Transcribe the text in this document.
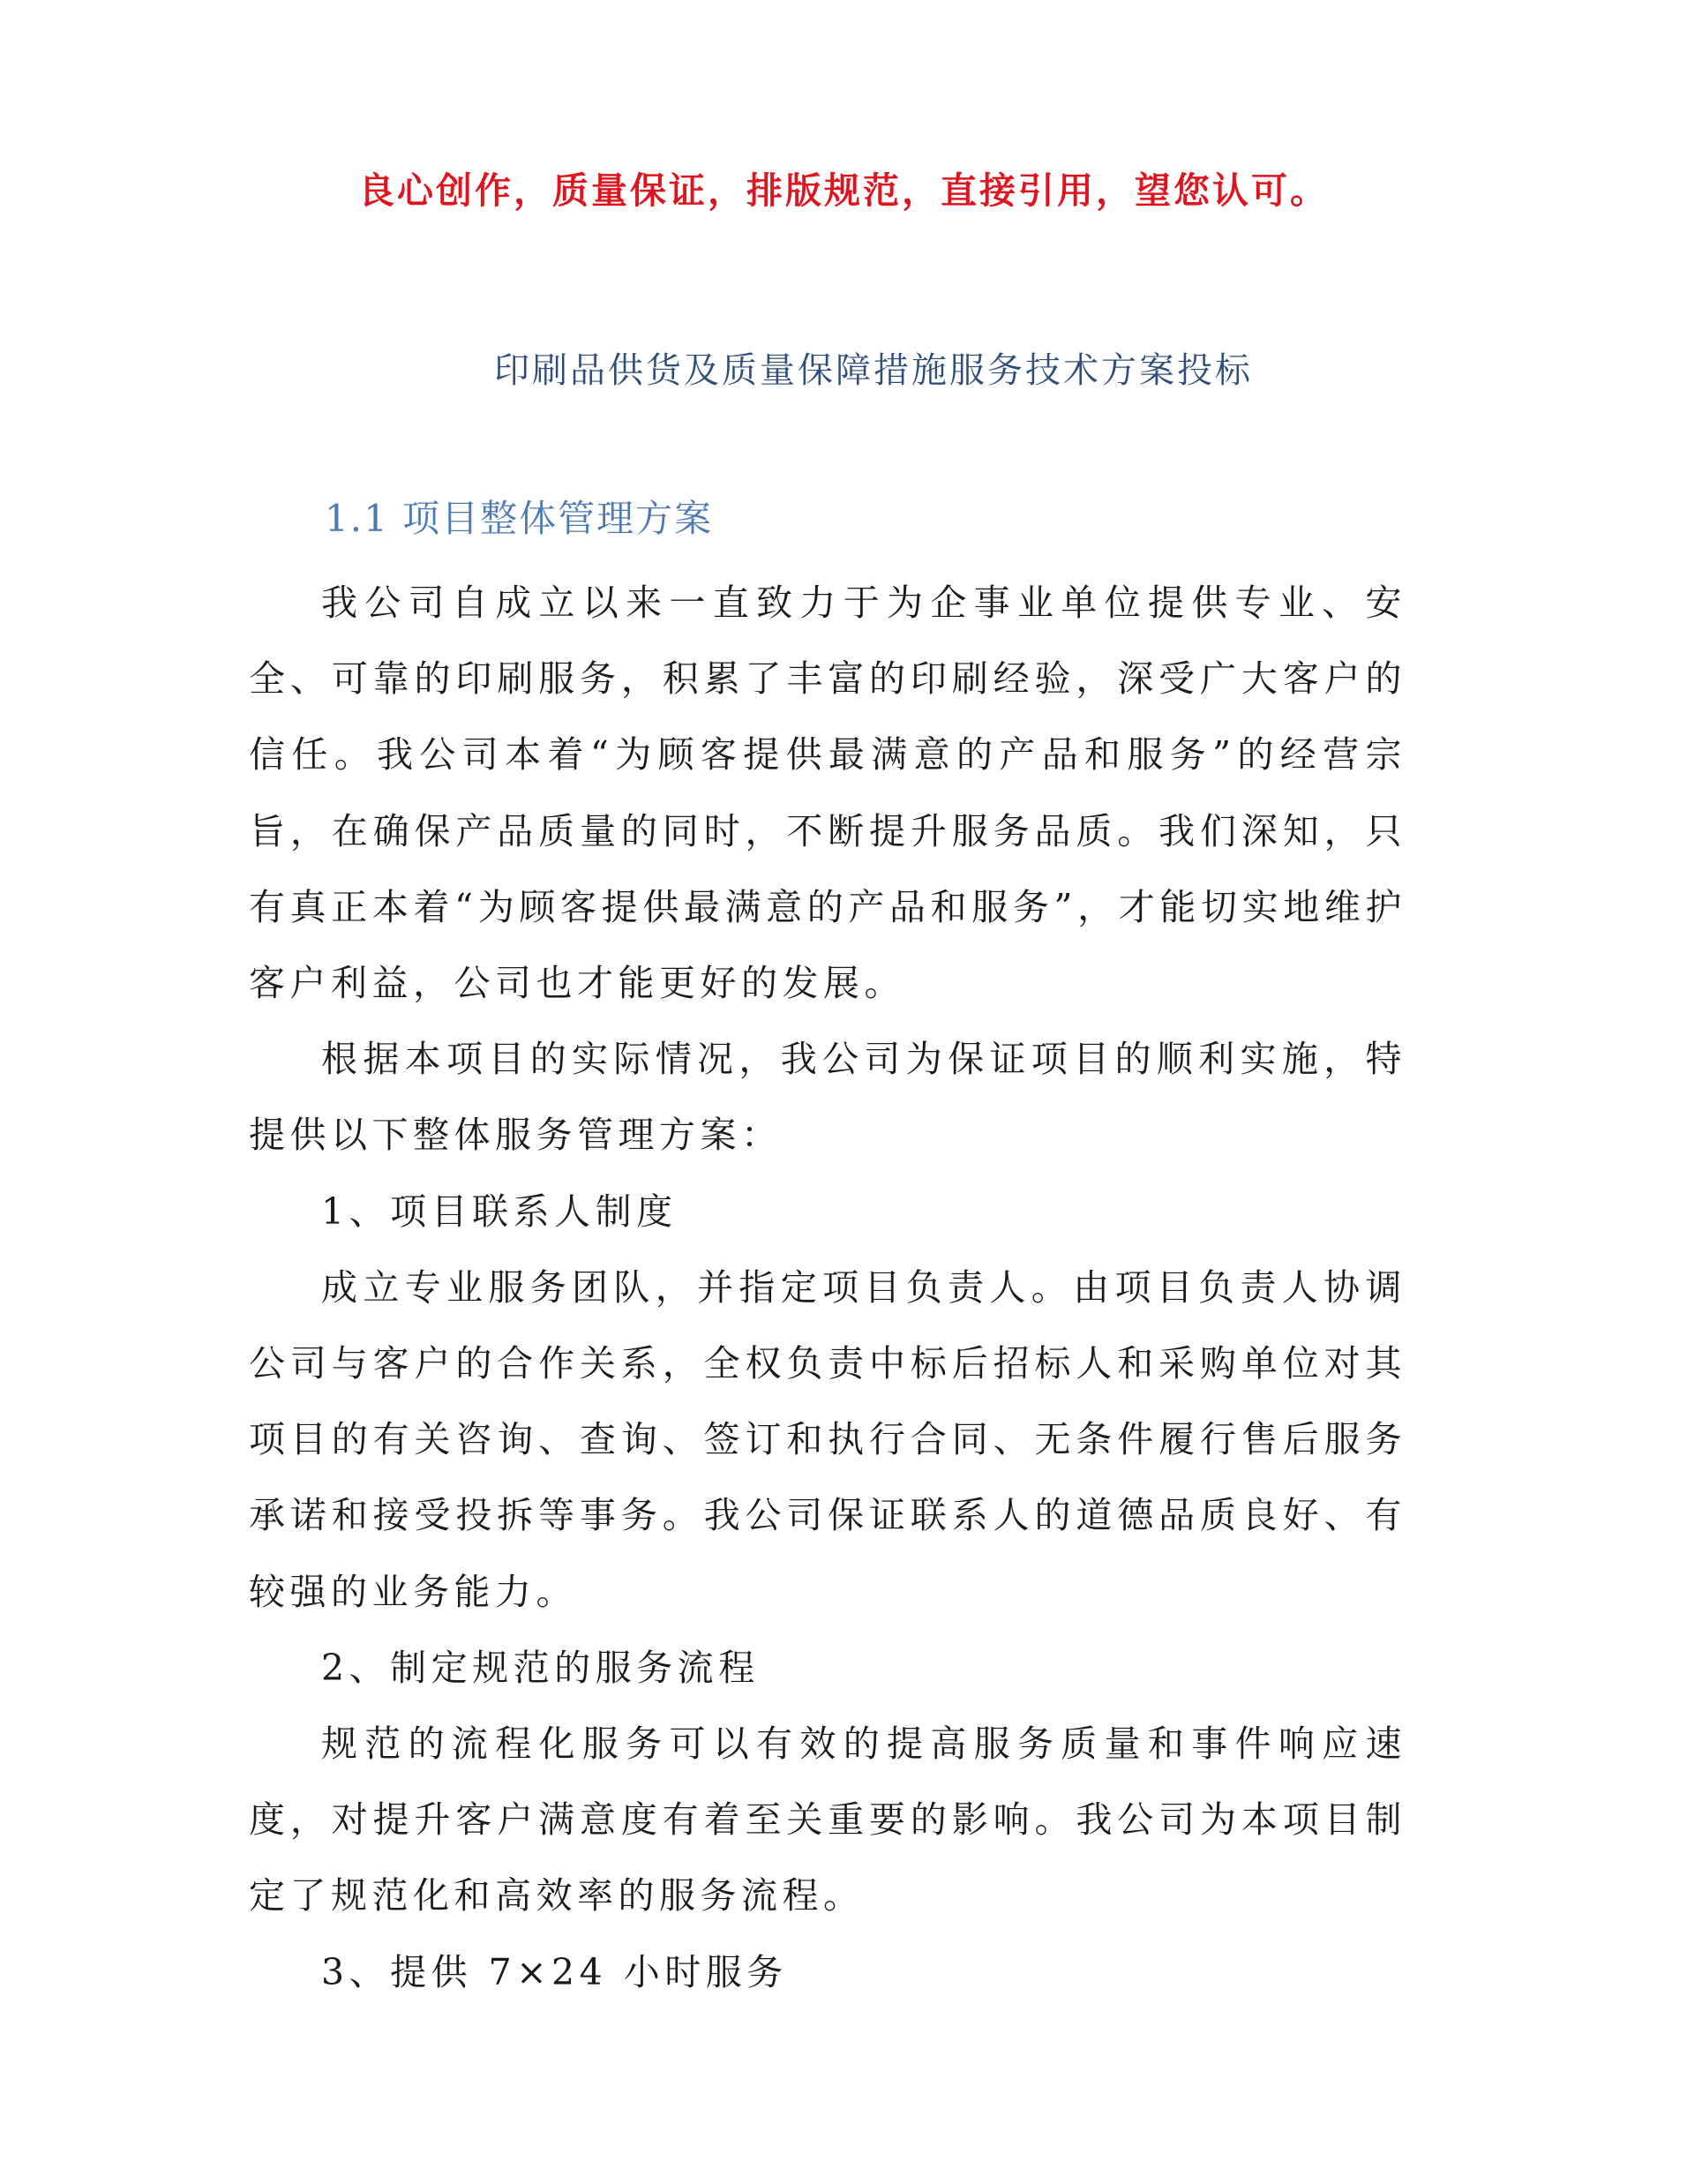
良心创作，质量保证，排版规范，直接引用，望您认可。
印刷品供货及质量保障措施服务技术方案投标
1.1 项目整体管理方案

我公司自成立以来一直致力于为企事业单位提供专业、安全、可靠的印刷服务，积累了丰富的印刷经验，深受广大客户的信任。我公司本着“为顾客提供最满意的产品和服务”的经营宗旨，在确保产品质量的同时，不断提升服务品质。我们深知，只有真正本着“为顾客提供最满意的产品和服务”，才能切实地维护客户利益，公司也才能更好的发展。

根据本项目的实际情况，我公司为保证项目的顺利实施，特提供以下整体服务管理方案：

1、项目联系人制度

成立专业服务团队，并指定项目负责人。由项目负责人协调公司与客户的合作关系，全权负责中标后招标人和采购单位对其项目的有关咨询、查询、签订和执行合同、无条件履行售后服务承诺和接受投拆等事务。我公司保证联系人的道德品质良好、有较强的业务能力。

2、制定规范的服务流程

规范的流程化服务可以有效的提高服务质量和事件响应速度，对提升客户满意度有着至关重要的影响。我公司为本项目制定了规范化和高效率的服务流程。

3、提供 7×24 小时服务
